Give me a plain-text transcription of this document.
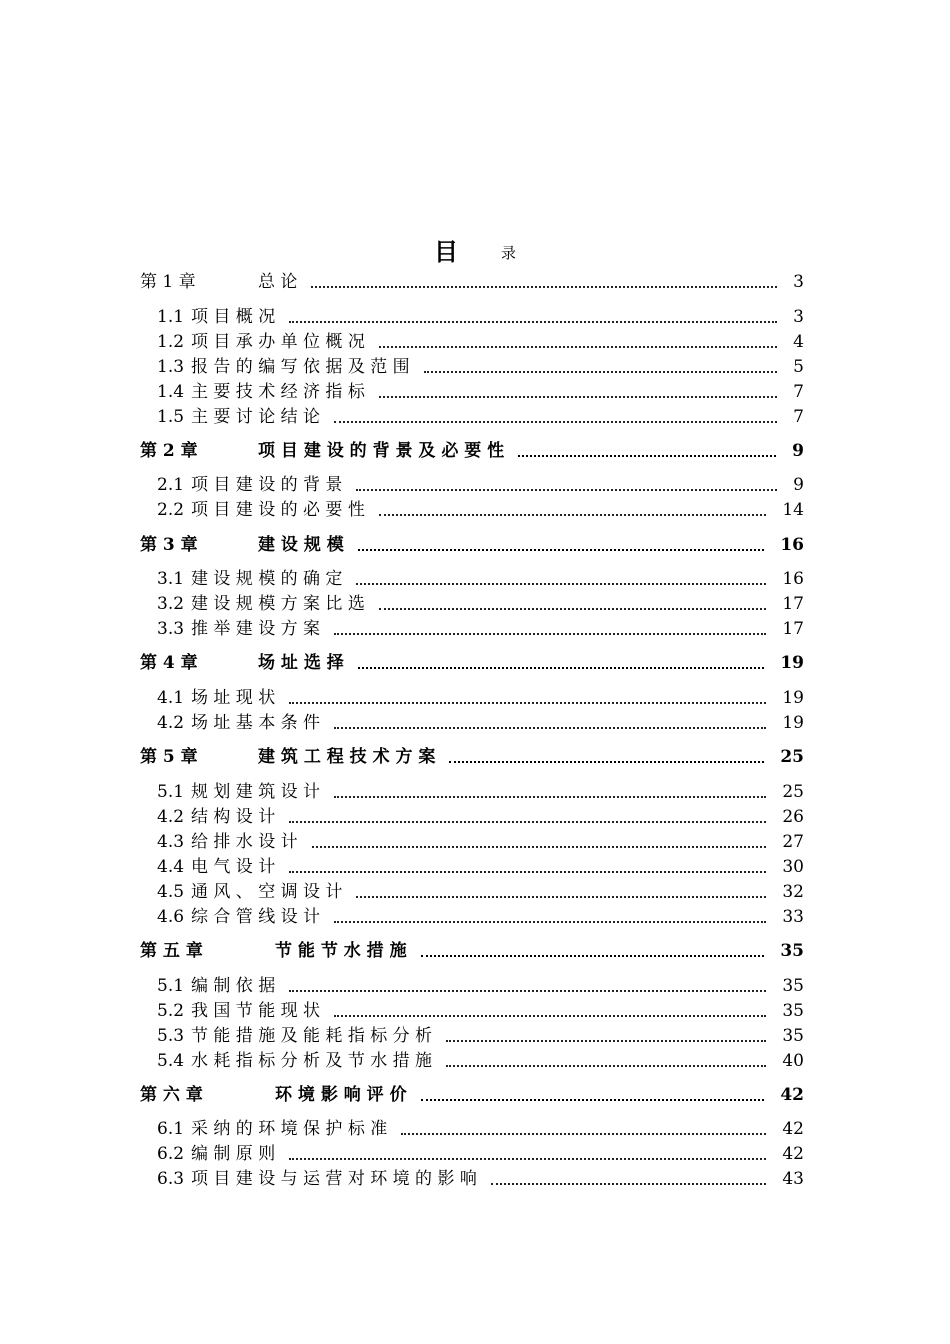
目	录
第 1 章	总 论	3
1.1 项 目 概 况	3
1.2 项 目 承 办 单 位 概 况	4
1.3 报 告 的 编 写 依 据 及 范 围	5
1.4 主 要 技 术 经 济 指 标	7
1.5 主 要 讨 论 结 论	7
第 2 章	项 目 建 设 的 背 景 及 必 要 性	9
2.1 项 目 建 设 的 背 景	9
2.2 项 目 建 设 的 必 要 性	14
第 3 章	建 设 规 模	16
3.1 建 设 规 模 的 确 定	16
3.2 建 设 规 模 方 案 比 选	17
3.3 推 举 建 设 方 案	17
第 4 章	场 址 选 择	19
4.1 场 址 现 状	19
4.2 场 址 基 本 条 件	19
第 5 章	建 筑 工 程 技 术 方 案	25
5.1 规 划 建 筑 设 计	25
4.2 结 构 设 计	26
4.3 给 排 水 设 计	27
4.4 电 气 设 计	30
4.5 通 风 、 空 调 设 计	32
4.6 综 合 管 线 设 计	33
第 五 章	节 能 节 水 措 施	35
5.1 编 制 依 据	35
5.2 我 国 节 能 现 状	35
5.3 节 能 措 施 及 能 耗 指 标 分 析	35
5.4 水 耗 指 标 分 析 及 节 水 措 施	40
第 六 章	环 境 影 响 评 价	42
6.1 采 纳 的 环 境 保 护 标 准	42
6.2 编 制 原 则	42
6.3 项 目 建 设 与 运 营 对 环 境 的 影 响	43
